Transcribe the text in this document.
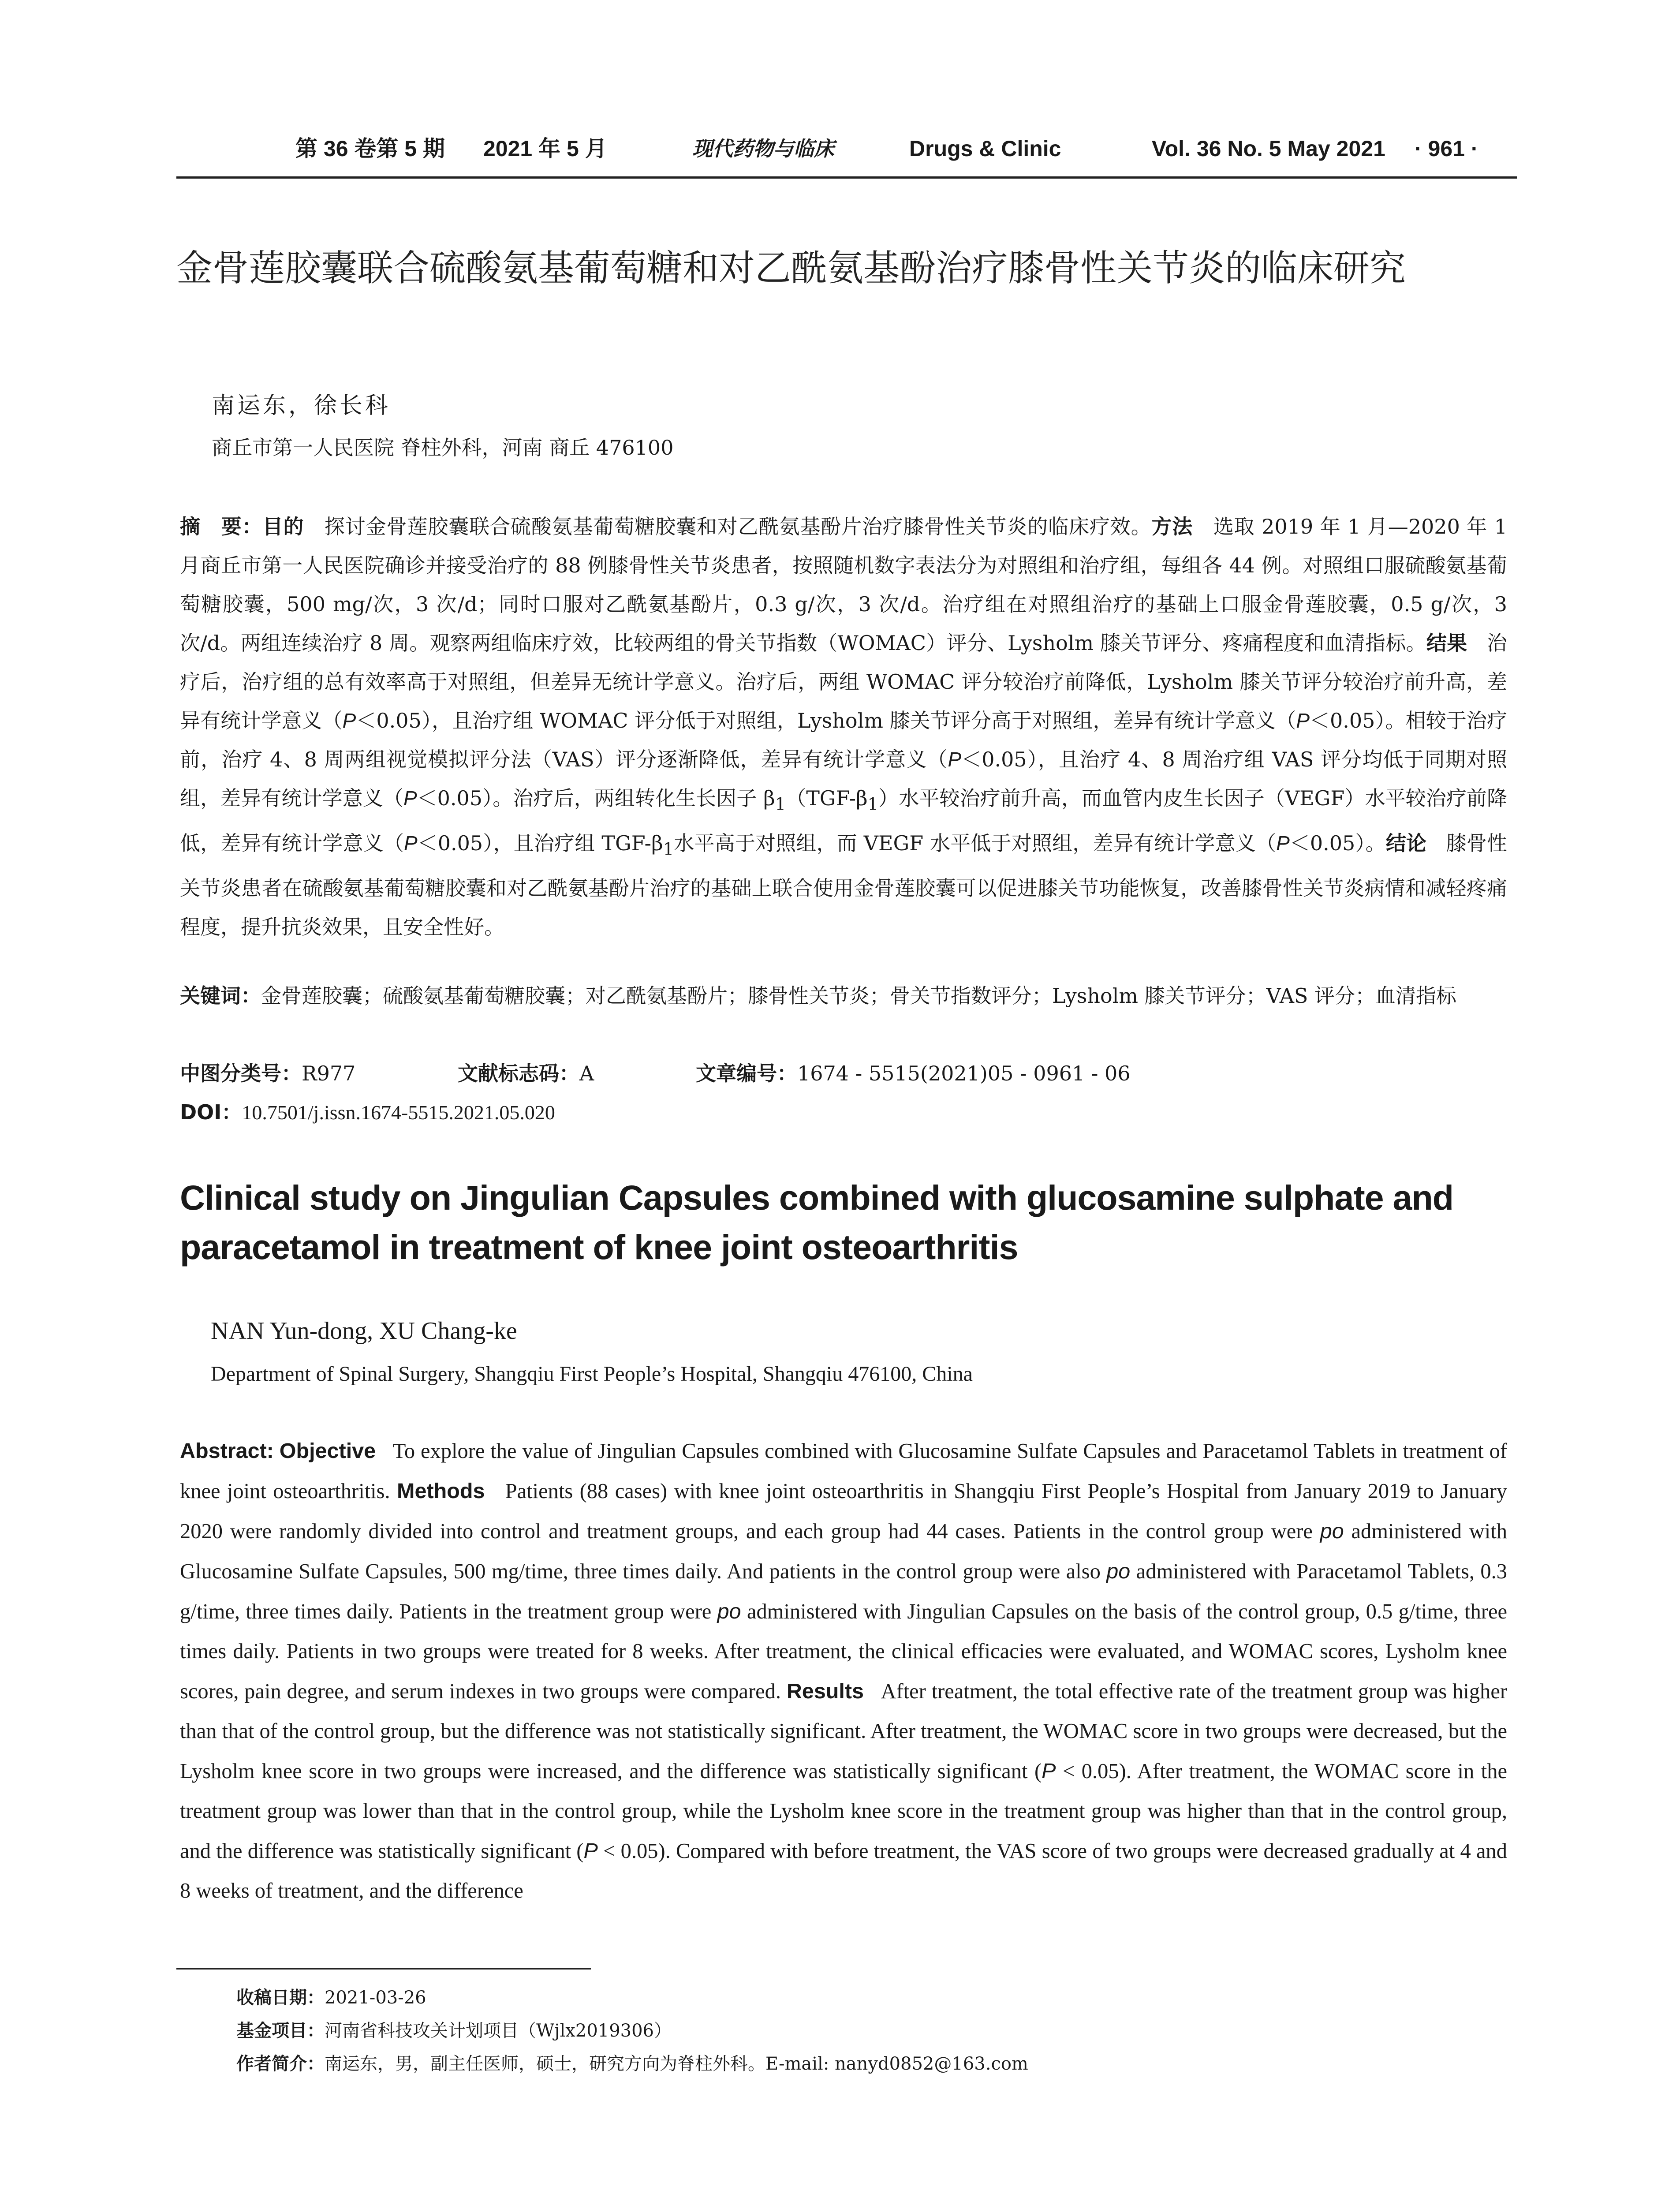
第 36 卷第 5 期 2021 年 5 月	现代药物与临床	Drugs & Clinic	Vol. 36 No. 5 May 2021 · 961 ·
金骨莲胶囊联合硫酸氨基葡萄糖和对乙酰氨基酚治疗膝骨性关节炎的临床研究
南运东，徐长科
商丘市第一人民医院 脊柱外科，河南 商丘 476100
摘　要：目的 探讨金骨莲胶囊联合硫酸氨基葡萄糖胶囊和对乙酰氨基酚片治疗膝骨性关节炎的临床疗效。方法 选取 2019 年 1 月—2020 年 1 月商丘市第一人民医院确诊并接受治疗的 88 例膝骨性关节炎患者，按照随机数字表法分为对照组和治疗组，每组各 44 例。对照组口服硫酸氨基葡萄糖胶囊，500 mg/次，3 次/d；同时口服对乙酰氨基酚片，0.3 g/次，3 次/d。治疗组在对照组治疗的基础上口服金骨莲胶囊，0.5 g/次，3 次/d。两组连续治疗 8 周。观察两组临床疗效，比较两组的骨关节指数（WOMAC）评分、Lysholm 膝关节评分、疼痛程度和血清指标。结果 治疗后，治疗组的总有效率高于对照组，但差异无统计学意义。治疗后，两组 WOMAC 评分较治疗前降低，Lysholm 膝关节评分较治疗前升高，差异有统计学意义（P＜0.05），且治疗组 WOMAC 评分低于对照组，Lysholm 膝关节评分高于对照组，差异有统计学意义（P＜0.05）。相较于治疗前，治疗 4、8 周两组视觉模拟评分法（VAS）评分逐渐降低，差异有统计学意义（P＜0.05），且治疗 4、8 周治疗组 VAS 评分均低于同期对照组，差异有统计学意义（P＜0.05）。治疗后，两组转化生长因子 $\beta_1(TGF-\beta_1)$水平较治疗前升高，而血管内皮生长因子（VEGF）水平较治疗前降低，差异有统计学意义（P＜0.05），且治疗组 TGF-$\beta_1$水平高于对照组，而 VEGF 水平低于对照组，差异有统计学意义（P＜0.05）。结论 膝骨性关节炎患者在硫酸氨基葡萄糖胶囊和对乙酰氨基酚片治疗的基础上联合使用金骨莲胶囊可以促进膝关节功能恢复，改善膝骨性关节炎病情和减轻疼痛程度，提升抗炎效果，且安全性好。
关键词：金骨莲胶囊；硫酸氨基葡萄糖胶囊；对乙酰氨基酚片；膝骨性关节炎；骨关节指数评分；Lysholm 膝关节评分；VAS 评分；血清指标
中图分类号：R977	文献标志码：A	文章编号：1674 - 5515(2021)05 - 0961 - 06
DOI：10.7501/j.issn.1674-5515.2021.05.020
Clinical study on Jingulian Capsules combined with glucosamine sulphate and paracetamol in treatment of knee joint osteoarthritis
NAN Yun-dong, XU Chang-ke
Department of Spinal Surgery, Shangqiu First People’s Hospital, Shangqiu 476100, China
Abstract: Objective To explore the value of Jingulian Capsules combined with Glucosamine Sulfate Capsules and Paracetamol Tablets in treatment of knee joint osteoarthritis. Methods Patients (88 cases) with knee joint osteoarthritis in Shangqiu First People’s Hospital from January 2019 to January 2020 were randomly divided into control and treatment groups, and each group had 44 cases. Patients in the control group were po administered with Glucosamine Sulfate Capsules, 500 mg/time, three times daily. And patients in the control group were also po administered with Paracetamol Tablets, 0.3 g/time, three times daily. Patients in the treatment group were po administered with Jingulian Capsules on the basis of the control group, 0.5 g/time, three times daily. Patients in two groups were treated for 8 weeks. After treatment, the clinical efficacies were evaluated, and WOMAC scores, Lysholm knee scores, pain degree, and serum indexes in two groups were compared. Results After treatment, the total effective rate of the treatment group was higher than that of the control group, but the difference was not statistically significant. After treatment, the WOMAC score in two groups were decreased, but the Lysholm knee score in two groups were increased, and the difference was statistically significant (P < 0.05). After treatment, the WOMAC score in the treatment group was lower than that in the control group, while the Lysholm knee score in the treatment group was higher than that in the control group, and the difference was statistically significant (P < 0.05). Compared with before treatment, the VAS score of two groups were decreased gradually at 4 and 8 weeks of treatment, and the difference
收稿日期：2021-03-26
基金项目：河南省科技攻关计划项目（Wjlx2019306）
作者简介：南运东，男，副主任医师，硕士，研究方向为脊柱外科。E-mail: nanyd0852@163.com
